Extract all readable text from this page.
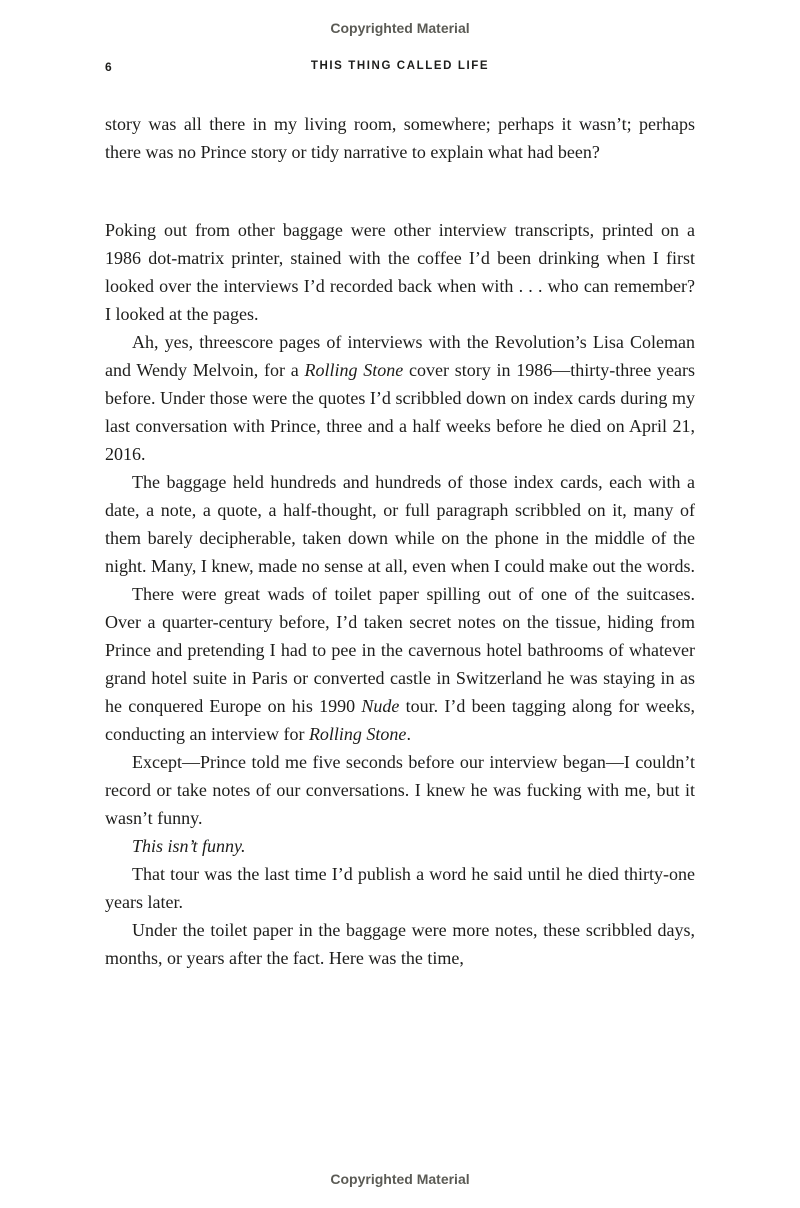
Copyrighted Material
6	THIS THING CALLED LIFE

story was all there in my living room, somewhere; perhaps it wasn’t; perhaps there was no Prince story or tidy narrative to explain what had been?

Poking out from other baggage were other interview transcripts, printed on a 1986 dot-matrix printer, stained with the coffee I’d been drinking when I first looked over the interviews I’d recorded back when with . . . who can remember? I looked at the pages.

Ah, yes, threescore pages of interviews with the Revolution’s Lisa Coleman and Wendy Melvoin, for a Rolling Stone cover story in 1986—thirty-three years before. Under those were the quotes I’d scribbled down on index cards during my last conversation with Prince, three and a half weeks before he died on April 21, 2016.

The baggage held hundreds and hundreds of those index cards, each with a date, a note, a quote, a half-thought, or full paragraph scribbled on it, many of them barely decipherable, taken down while on the phone in the middle of the night. Many, I knew, made no sense at all, even when I could make out the words.

There were great wads of toilet paper spilling out of one of the suitcases. Over a quarter-century before, I’d taken secret notes on the tissue, hiding from Prince and pretending I had to pee in the cavernous hotel bathrooms of whatever grand hotel suite in Paris or converted castle in Switzerland he was staying in as he conquered Europe on his 1990 Nude tour. I’d been tagging along for weeks, conducting an interview for Rolling Stone.

Except—Prince told me five seconds before our interview began—I couldn’t record or take notes of our conversations. I knew he was fucking with me, but it wasn’t funny.

This isn’t funny.

That tour was the last time I’d publish a word he said until he died thirty-one years later.

Under the toilet paper in the baggage were more notes, these scribbled days, months, or years after the fact. Here was the time,

Copyrighted Material
